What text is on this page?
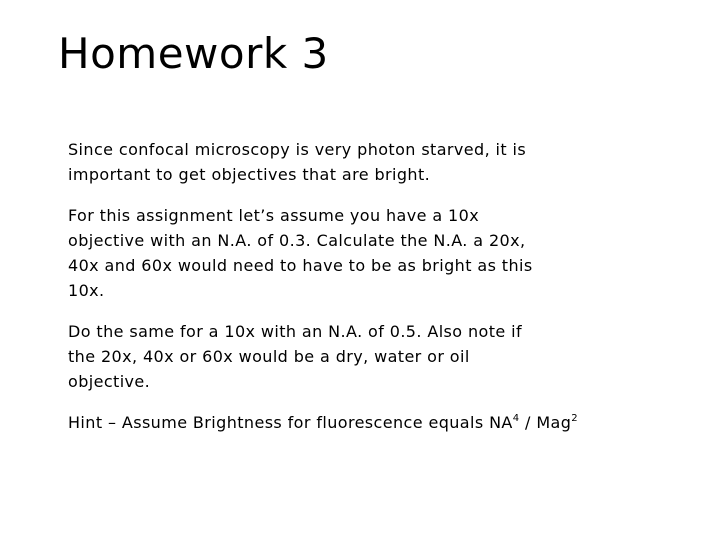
Homework 3

Since confocal microscopy is very photon starved, it is important to get objectives that are bright.

For this assignment let’s assume you have a 10x objective with an N.A. of 0.3. Calculate the N.A. a 20x, 40x and 60x would need to have to be as bright as this 10x.

Do the same for a 10x with an N.A. of 0.5. Also note if the 20x, 40x or 60x would be a dry, water or oil objective.

Hint – Assume Brightness for fluorescence equals $NA^4 / Mag^2$
